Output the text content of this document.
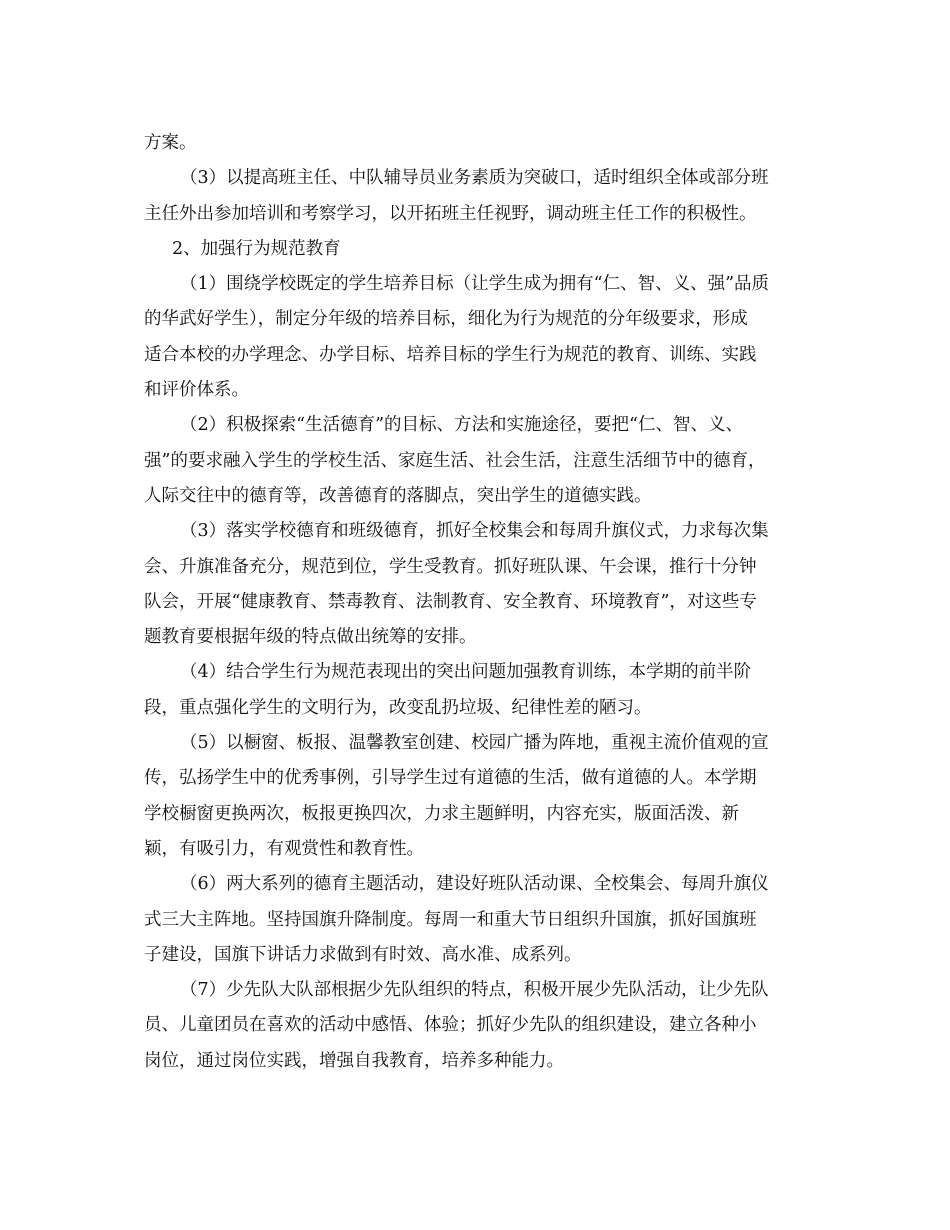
方案。
（3）以提高班主任、中队辅导员业务素质为突破口，适时组织全体或部分班
主任外出参加培训和考察学习，以开拓班主任视野，调动班主任工作的积极性。
2、加强行为规范教育
（1）围绕学校既定的学生培养目标（让学生成为拥有“仁、智、义、强”品质
的华武好学生），制定分年级的培养目标，细化为行为规范的分年级要求，形成
适合本校的办学理念、办学目标、培养目标的学生行为规范的教育、训练、实践
和评价体系。
（2）积极探索“生活德育”的目标、方法和实施途径，要把“仁、智、义、
强”的要求融入学生的学校生活、家庭生活、社会生活，注意生活细节中的德育，
人际交往中的德育等，改善德育的落脚点，突出学生的道德实践。
（3）落实学校德育和班级德育，抓好全校集会和每周升旗仪式，力求每次集
会、升旗准备充分，规范到位，学生受教育。抓好班队课、午会课，推行十分钟
队会，开展“健康教育、禁毒教育、法制教育、安全教育、环境教育”，对这些专
题教育要根据年级的特点做出统筹的安排。
（4）结合学生行为规范表现出的突出问题加强教育训练，本学期的前半阶
段，重点强化学生的文明行为，改变乱扔垃圾、纪律性差的陋习。
（5）以橱窗、板报、温馨教室创建、校园广播为阵地，重视主流价值观的宣
传，弘扬学生中的优秀事例，引导学生过有道德的生活，做有道德的人。本学期
学校橱窗更换两次，板报更换四次，力求主题鲜明，内容充实，版面活泼、新
颖，有吸引力，有观赏性和教育性。
（6）两大系列的德育主题活动，建设好班队活动课、全校集会、每周升旗仪
式三大主阵地。坚持国旗升降制度。每周一和重大节日组织升国旗，抓好国旗班
子建设，国旗下讲话力求做到有时效、高水准、成系列。
（7）少先队大队部根据少先队组织的特点，积极开展少先队活动，让少先队
员、儿童团员在喜欢的活动中感悟、体验；抓好少先队的组织建设，建立各种小
岗位，通过岗位实践，增强自我教育，培养多种能力。
